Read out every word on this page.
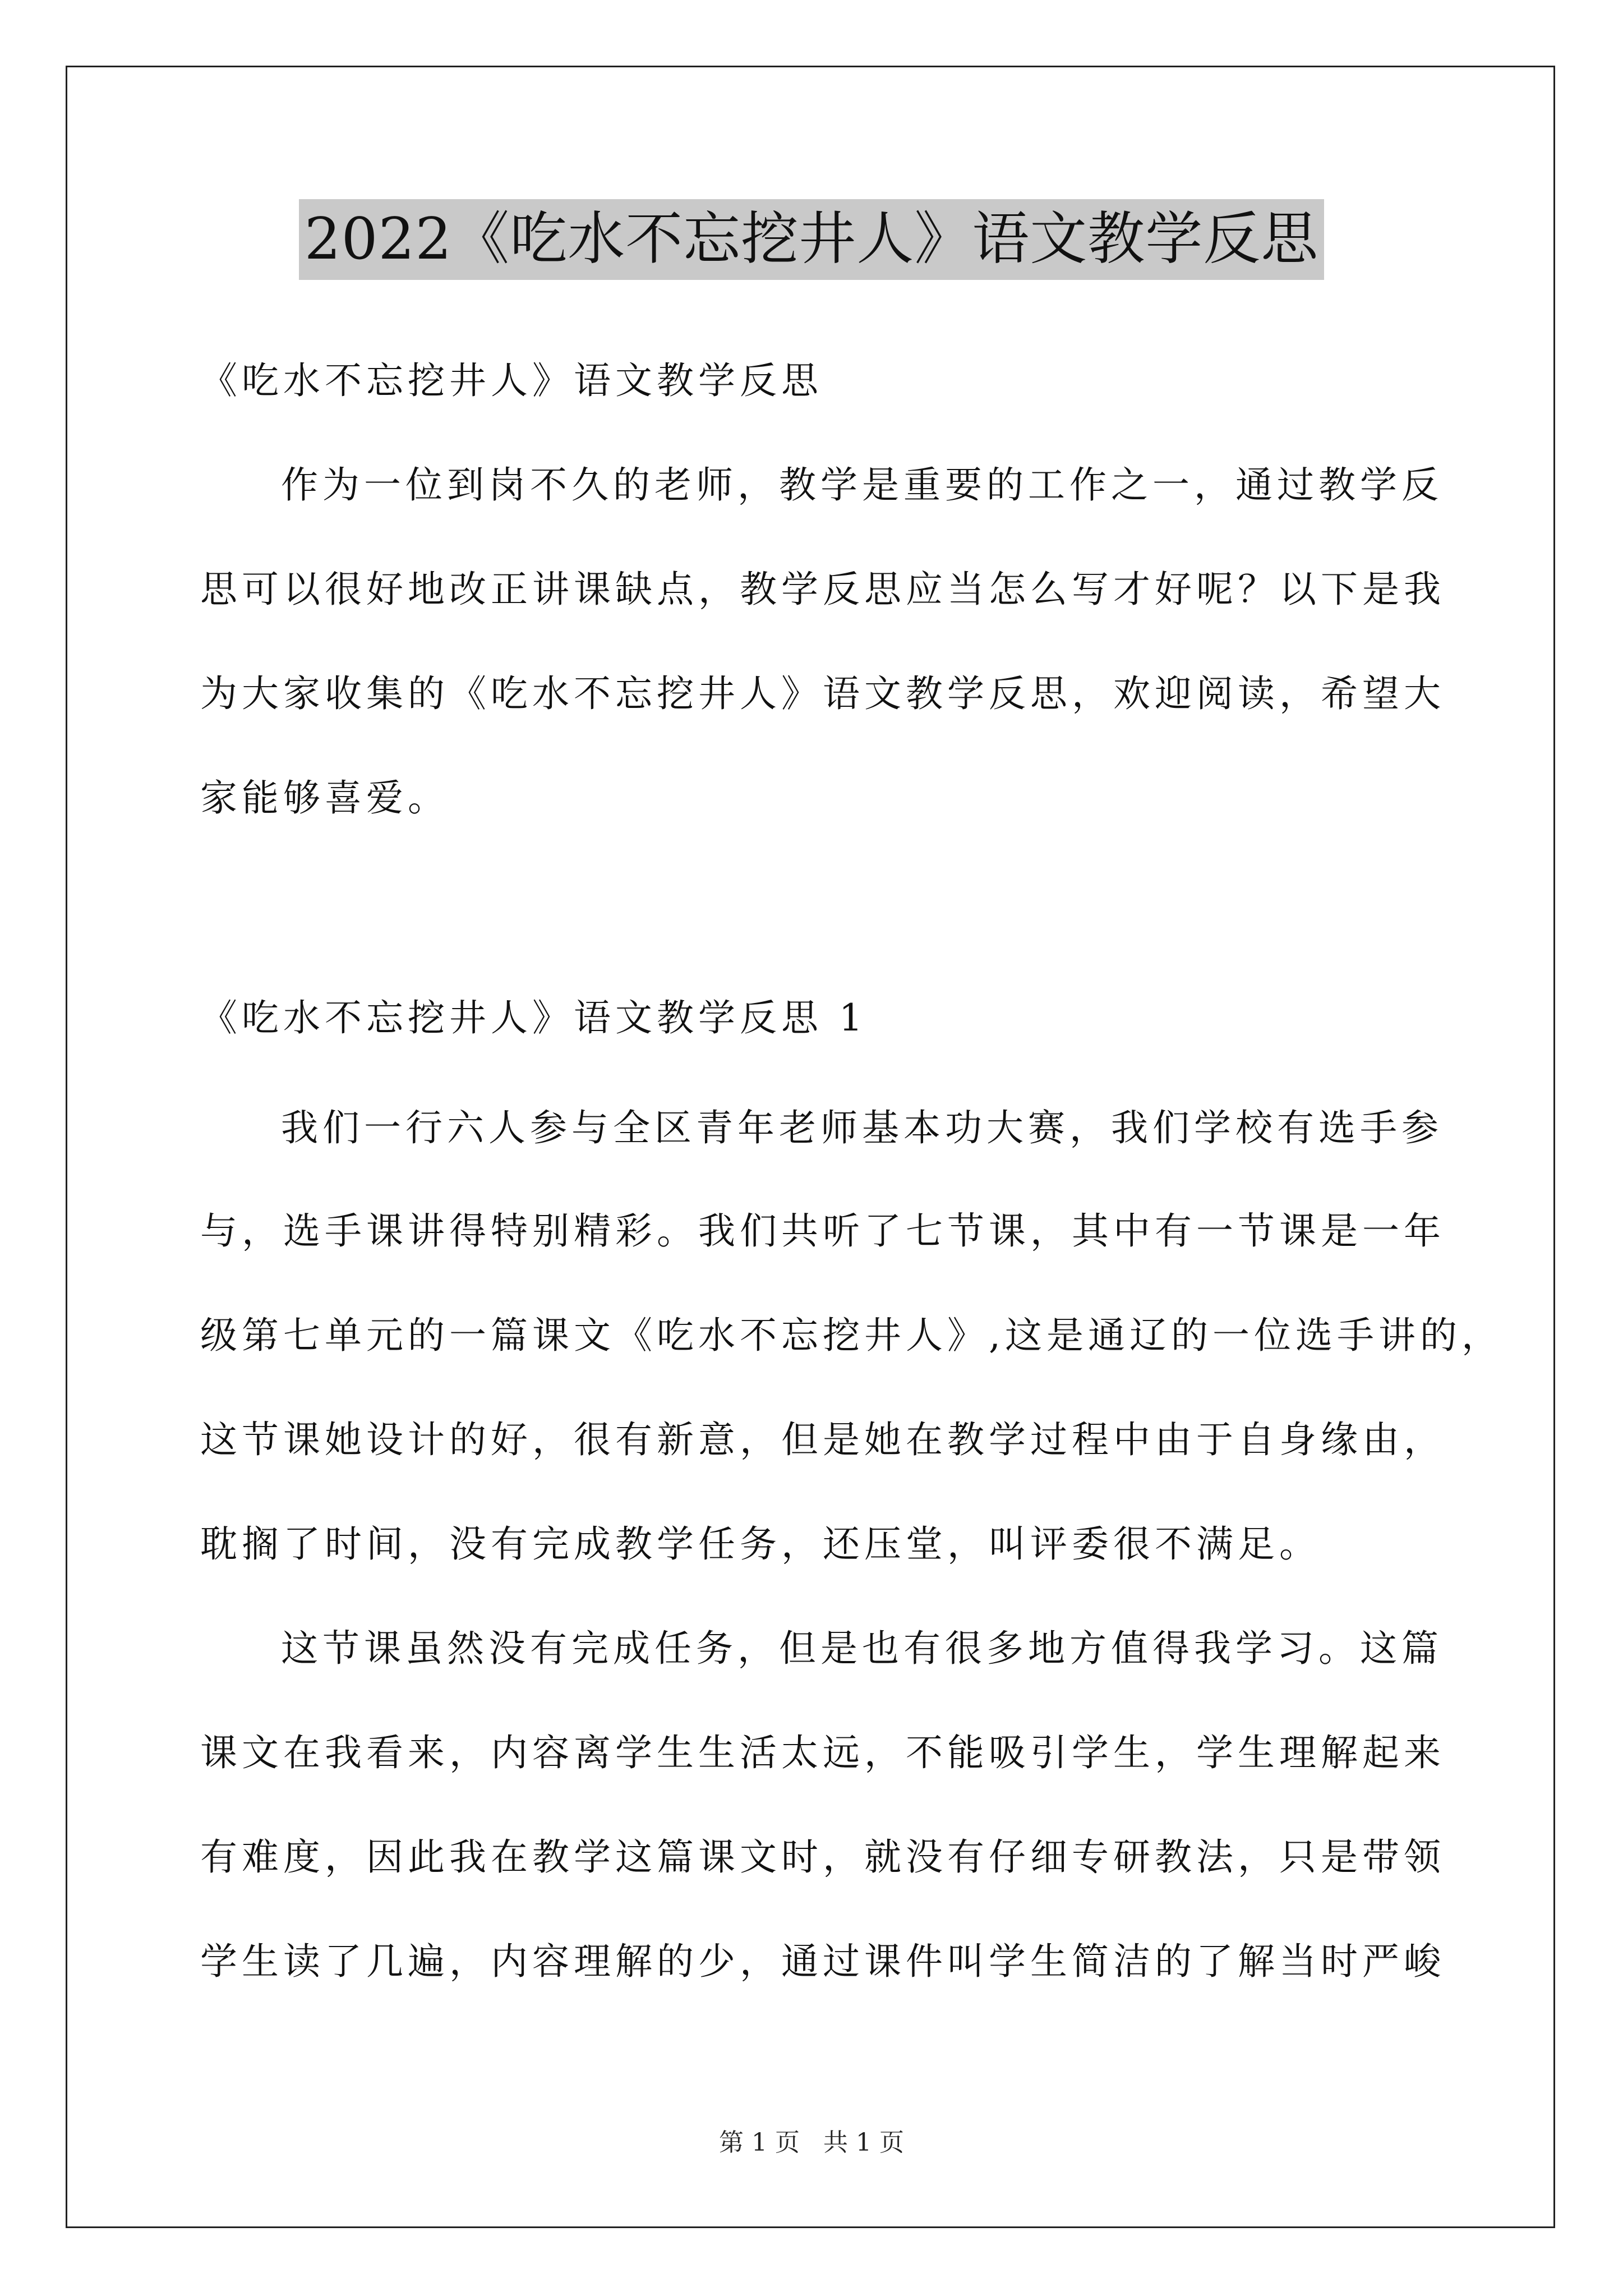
2022《吃水不忘挖井人》语文教学反思
《吃水不忘挖井人》语文教学反思
作为一位到岗不久的老师，教学是重要的工作之一，通过教学反
思可以很好地改正讲课缺点，教学反思应当怎么写才好呢？以下是我
为大家收集的《吃水不忘挖井人》语文教学反思，欢迎阅读，希望大
家能够喜爱。
《吃水不忘挖井人》语文教学反思 1
我们一行六人参与全区青年老师基本功大赛，我们学校有选手参
与，选手课讲得特别精彩。我们共听了七节课，其中有一节课是一年
级第七单元的一篇课文《吃水不忘挖井人》,这是通辽的一位选手讲的，
这节课她设计的好，很有新意，但是她在教学过程中由于自身缘由，
耽搁了时间，没有完成教学任务，还压堂，叫评委很不满足。
这节课虽然没有完成任务，但是也有很多地方值得我学习。这篇
课文在我看来，内容离学生生活太远，不能吸引学生，学生理解起来
有难度，因此我在教学这篇课文时，就没有仔细专研教法，只是带领
学生读了几遍，内容理解的少，通过课件叫学生简洁的了解当时严峻
第 1 页 共 1 页
